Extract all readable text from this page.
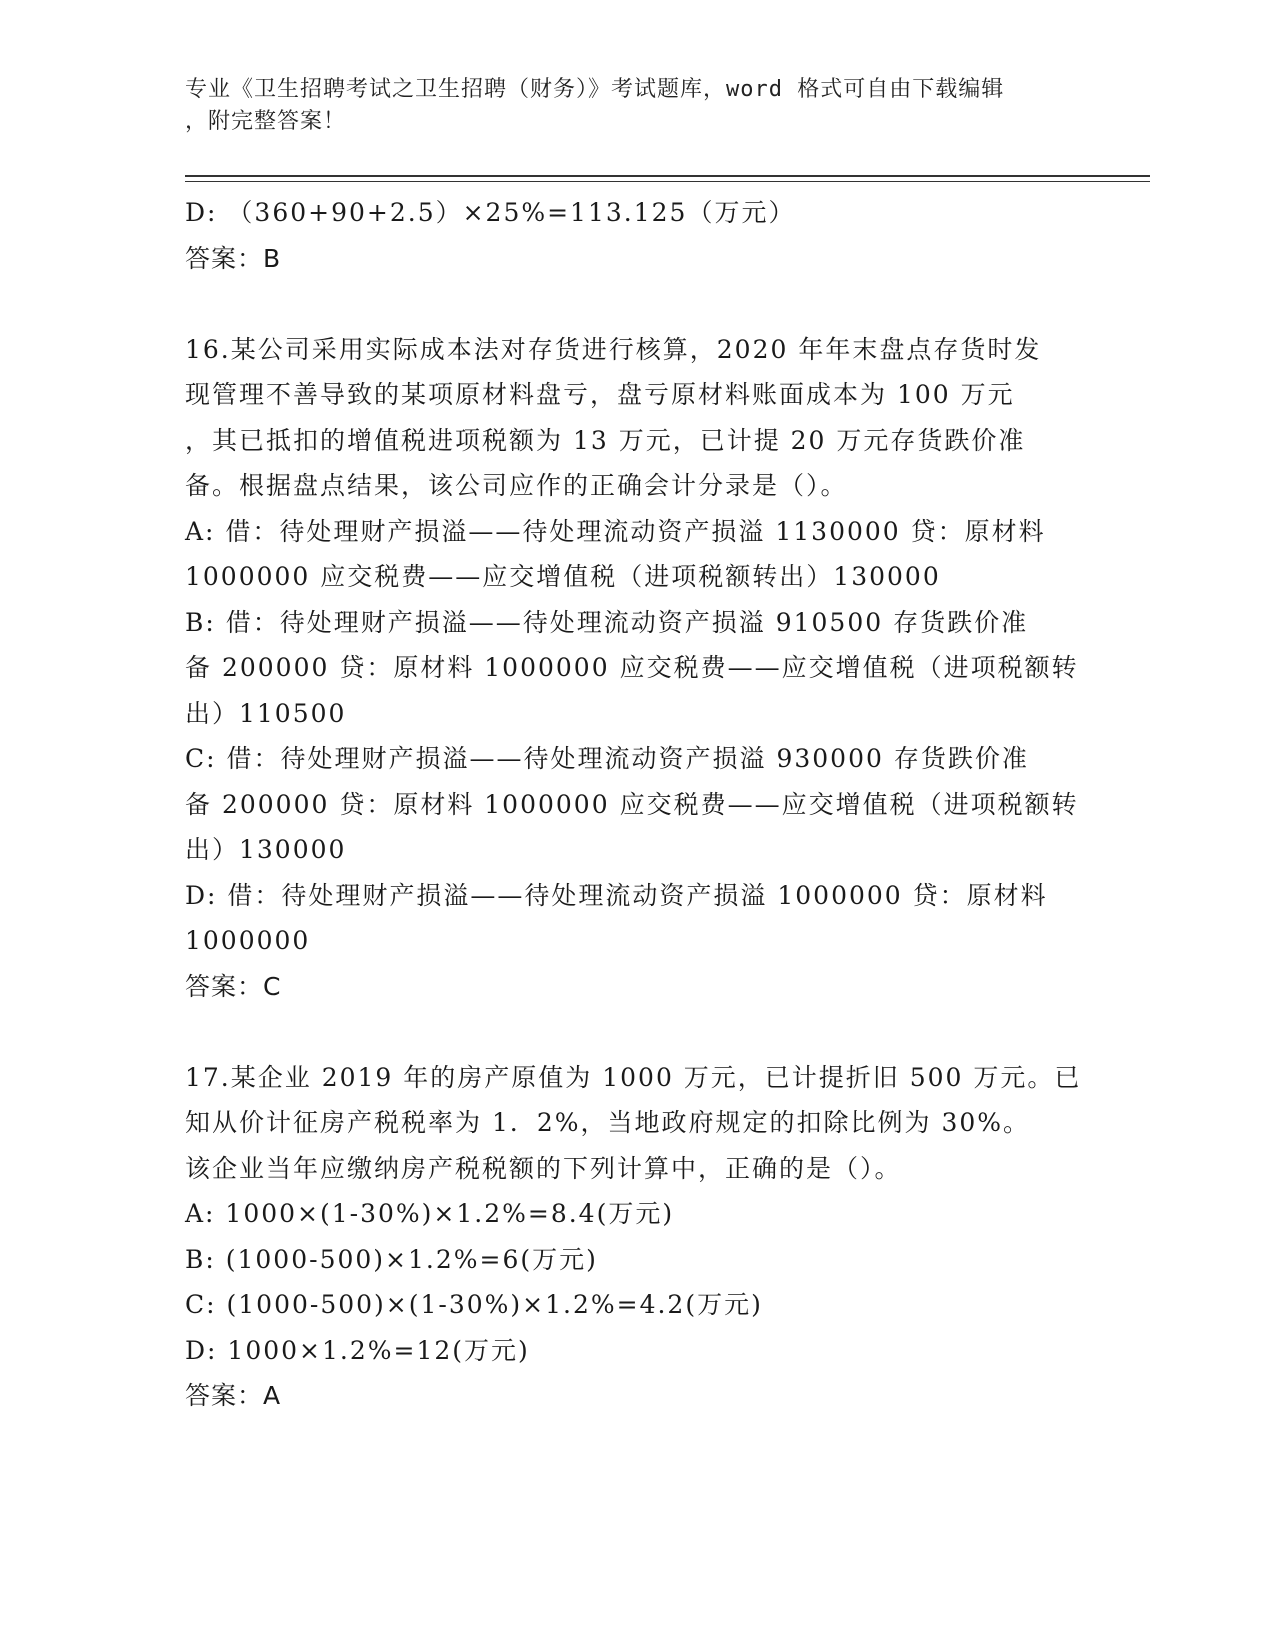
专业《卫生招聘考试之卫生招聘（财务）》考试题库，word 格式可自由下载编辑
，附完整答案！
D: （360+90+2.5）×25%=113.125（万元）
答案：B
16.某公司采用实际成本法对存货进行核算，2020 年年末盘点存货时发
现管理不善导致的某项原材料盘亏，盘亏原材料账面成本为 100 万元
，其已抵扣的增值税进项税额为 13 万元，已计提 20 万元存货跌价准
备。根据盘点结果，该公司应作的正确会计分录是（）。
A: 借：待处理财产损溢——待处理流动资产损溢 1130000 贷：原材料
1000000 应交税费——应交增值税（进项税额转出）130000
B: 借：待处理财产损溢——待处理流动资产损溢 910500 存货跌价准
备 200000 贷：原材料 1000000 应交税费——应交增值税（进项税额转
出）110500
C: 借：待处理财产损溢——待处理流动资产损溢 930000 存货跌价准
备 200000 贷：原材料 1000000 应交税费——应交增值税（进项税额转
出）130000
D: 借：待处理财产损溢——待处理流动资产损溢 1000000 贷：原材料
1000000
答案：C
17.某企业 2019 年的房产原值为 1000 万元，已计提折旧 500 万元。已
知从价计征房产税税率为 1．2%，当地政府规定的扣除比例为 30%。
该企业当年应缴纳房产税税额的下列计算中，正确的是（）。
A: 1000×(1-30%)×1.2%=8.4(万元)
B: (1000-500)×1.2%=6(万元)
C: (1000-500)×(1-30%)×1.2%=4.2(万元)
D: 1000×1.2%=12(万元)
答案：A
